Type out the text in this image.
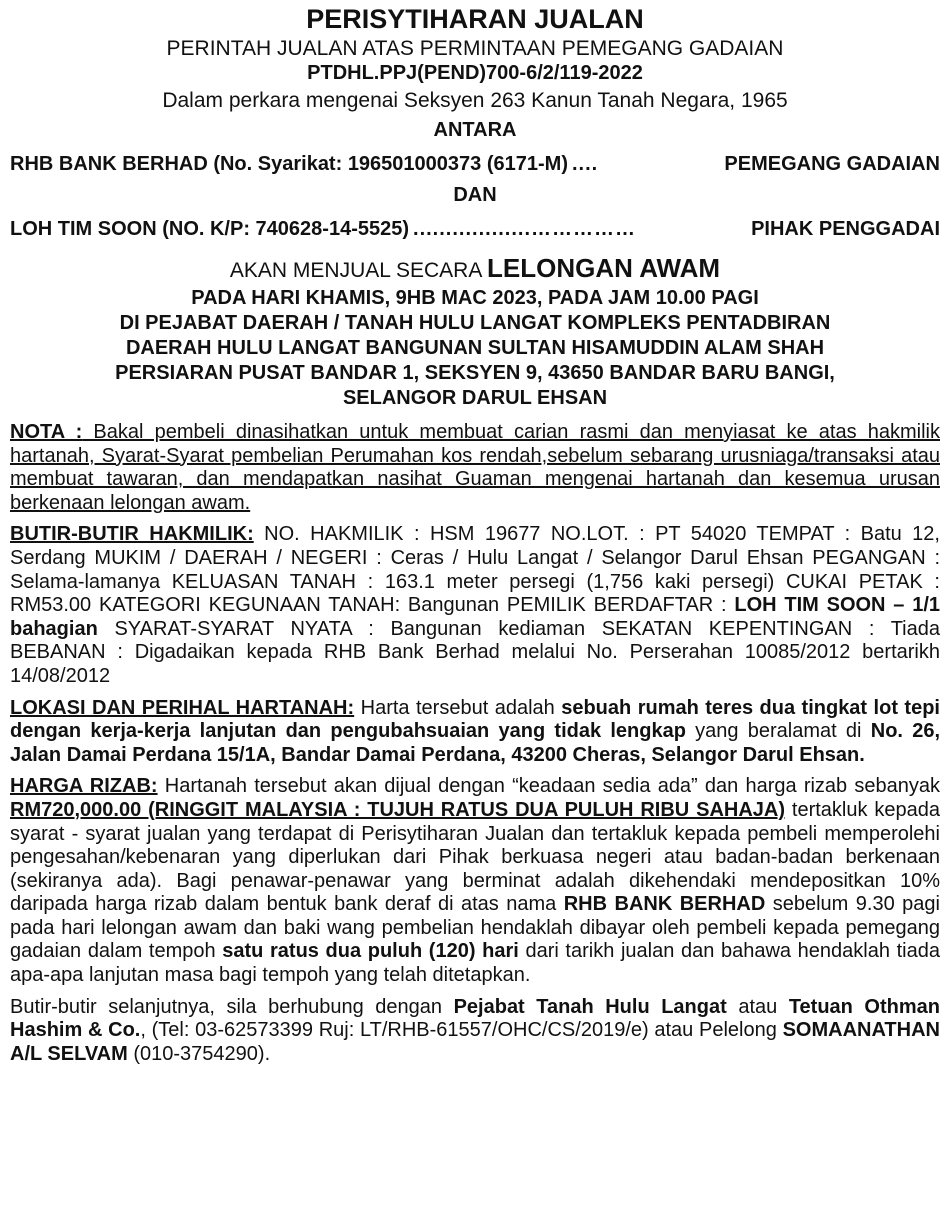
PERISYTIHARAN JUALAN
PERINTAH JUALAN ATAS PERMINTAAN PEMEGANG GADAIAN
PTDHL.PPJ(PEND)700-6/2/119-2022
Dalam perkara mengenai Seksyen 263 Kanun Tanah Negara, 1965
ANTARA
RHB BANK BERHAD (No. Syarikat: 196501000373 (6171-M) ....	PEMEGANG GADAIAN
DAN
LOH TIM SOON (NO. K/P: 740628-14-5525) ..................……………	PIHAK PENGGADAI
AKAN MENJUAL SECARA LELONGAN AWAM
PADA HARI KHAMIS, 9HB MAC 2023, PADA JAM 10.00 PAGI
DI PEJABAT DAERAH / TANAH HULU LANGAT KOMPLEKS PENTADBIRAN
DAERAH HULU LANGAT BANGUNAN SULTAN HISAMUDDIN ALAM SHAH
PERSIARAN PUSAT BANDAR 1, SEKSYEN 9, 43650 BANDAR BARU BANGI,
SELANGOR DARUL EHSAN

NOTA : Bakal pembeli dinasihatkan untuk membuat carian rasmi dan menyiasat ke atas hakmilik hartanah, Syarat-Syarat pembelian Perumahan kos rendah,sebelum sebarang urusniaga/transaksi atau membuat tawaran, dan mendapatkan nasihat Guaman mengenai hartanah dan kesemua urusan berkenaan lelongan awam.

BUTIR-BUTIR HAKMILIK: NO. HAKMILIK : HSM 19677 NO.LOT. : PT 54020 TEMPAT : Batu 12, Serdang MUKIM / DAERAH / NEGERI : Ceras / Hulu Langat / Selangor Darul Ehsan PEGANGAN : Selama-lamanya KELUASAN TANAH : 163.1 meter persegi (1,756 kaki persegi) CUKAI PETAK : RM53.00 KATEGORI KEGUNAAN TANAH: Bangunan PEMILIK BERDAFTAR : LOH TIM SOON – 1/1 bahagian SYARAT-SYARAT NYATA : Bangunan kediaman SEKATAN KEPENTINGAN : Tiada BEBANAN : Digadaikan kepada RHB Bank Berhad melalui No. Perserahan 10085/2012 bertarikh 14/08/2012

LOKASI DAN PERIHAL HARTANAH: Harta tersebut adalah sebuah rumah teres dua tingkat lot tepi dengan kerja-kerja lanjutan dan pengubahsuaian yang tidak lengkap yang beralamat di No. 26, Jalan Damai Perdana 15/1A, Bandar Damai Perdana, 43200 Cheras, Selangor Darul Ehsan.

HARGA RIZAB: Hartanah tersebut akan dijual dengan “keadaan sedia ada” dan harga rizab sebanyak RM720,000.00 (RINGGIT MALAYSIA : TUJUH RATUS DUA PULUH RIBU SAHAJA) tertakluk kepada syarat - syarat jualan yang terdapat di Perisytiharan Jualan dan tertakluk kepada pembeli memperolehi pengesahan/kebenaran yang diperlukan dari Pihak berkuasa negeri atau badan-badan berkenaan (sekiranya ada). Bagi penawar-penawar yang berminat adalah dikehendaki mendepositkan 10% daripada harga rizab dalam bentuk bank deraf di atas nama RHB BANK BERHAD sebelum 9.30 pagi pada hari lelongan awam dan baki wang pembelian hendaklah dibayar oleh pembeli kepada pemegang gadaian dalam tempoh satu ratus dua puluh (120) hari dari tarikh jualan dan bahawa hendaklah tiada apa-apa lanjutan masa bagi tempoh yang telah ditetapkan.

Butir-butir selanjutnya, sila berhubung dengan Pejabat Tanah Hulu Langat atau Tetuan Othman Hashim & Co., (Tel: 03-62573399 Ruj: LT/RHB-61557/OHC/CS/2019/e) atau Pelelong SOMAANATHAN A/L SELVAM (010-3754290).
